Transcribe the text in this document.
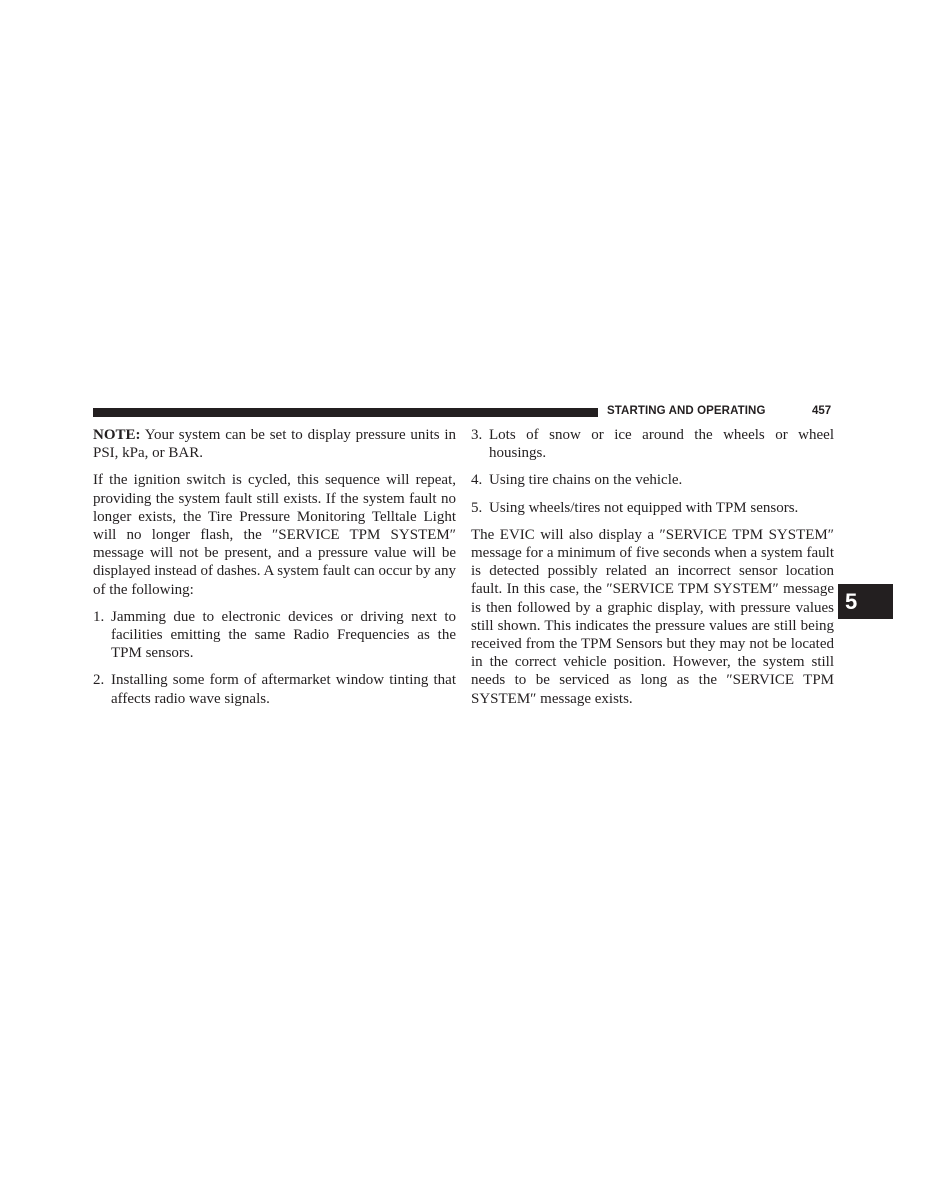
STARTING AND OPERATING	457

NOTE: Your system can be set to display pressure units in PSI, kPa, or BAR.

If the ignition switch is cycled, this sequence will repeat, providing the system fault still exists. If the system fault no longer exists, the Tire Pressure Monitoring Telltale Light will no longer flash, the ″SERVICE TPM SYSTEM″ message will not be present, and a pressure value will be displayed instead of dashes. A system fault can occur by any of the following:

1. Jamming due to electronic devices or driving next to facilities emitting the same Radio Frequencies as the TPM sensors.
2. Installing some form of aftermarket window tinting that affects radio wave signals.
3. Lots of snow or ice around the wheels or wheel housings.
4. Using tire chains on the vehicle.
5. Using wheels/tires not equipped with TPM sensors.

The EVIC will also display a ″SERVICE TPM SYSTEM″ message for a minimum of five seconds when a system fault is detected possibly related an incorrect sensor location fault. In this case, the ″SERVICE TPM SYSTEM″ message is then followed by a graphic display, with pressure values still shown. This indicates the pressure values are still being received from the TPM Sensors but they may not be located in the correct vehicle position. However, the system still needs to be serviced as long as the ″SERVICE TPM SYSTEM″ message exists.

5
